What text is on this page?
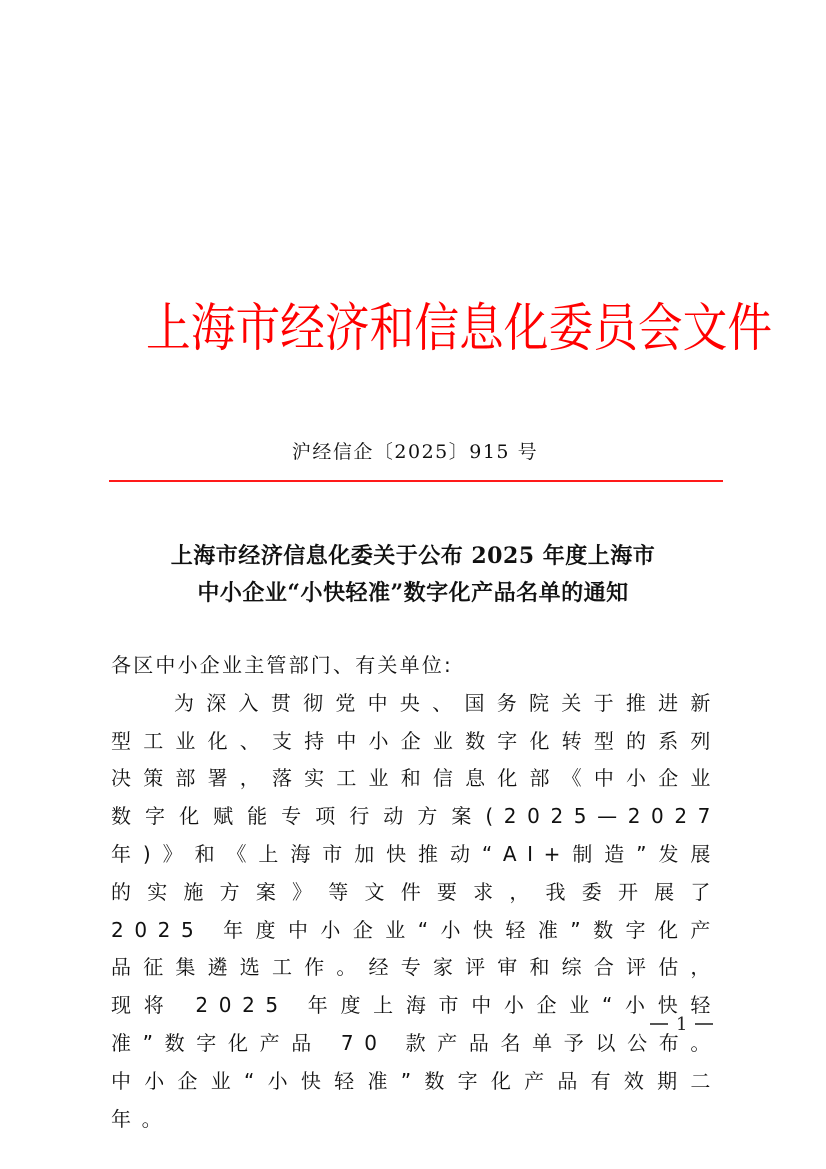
上海市经济和信息化委员会文件
沪经信企〔2025〕915 号
上海市经济信息化委关于公布 2025 年度上海市
中小企业“小快轻准”数字化产品名单的通知

各区中小企业主管部门、有关单位:

为深入贯彻党中央、国务院关于推进新型工业化、支持中小企业数字化转型的系列决策部署，落实工业和信息化部《中小企业数字化赋能专项行动方案(2025—2027 年)》和《上海市加快推动“AI+制造”发展的实施方案》等文件要求，我委开展了 2025 年度中小企业“小快轻准”数字化产品征集遴选工作。经专家评审和综合评估，现将 2025 年度上海市中小企业“小快轻准”数字化产品 70 款产品名单予以公布。中小企业“小快轻准”数字化产品有效期二年。

1
